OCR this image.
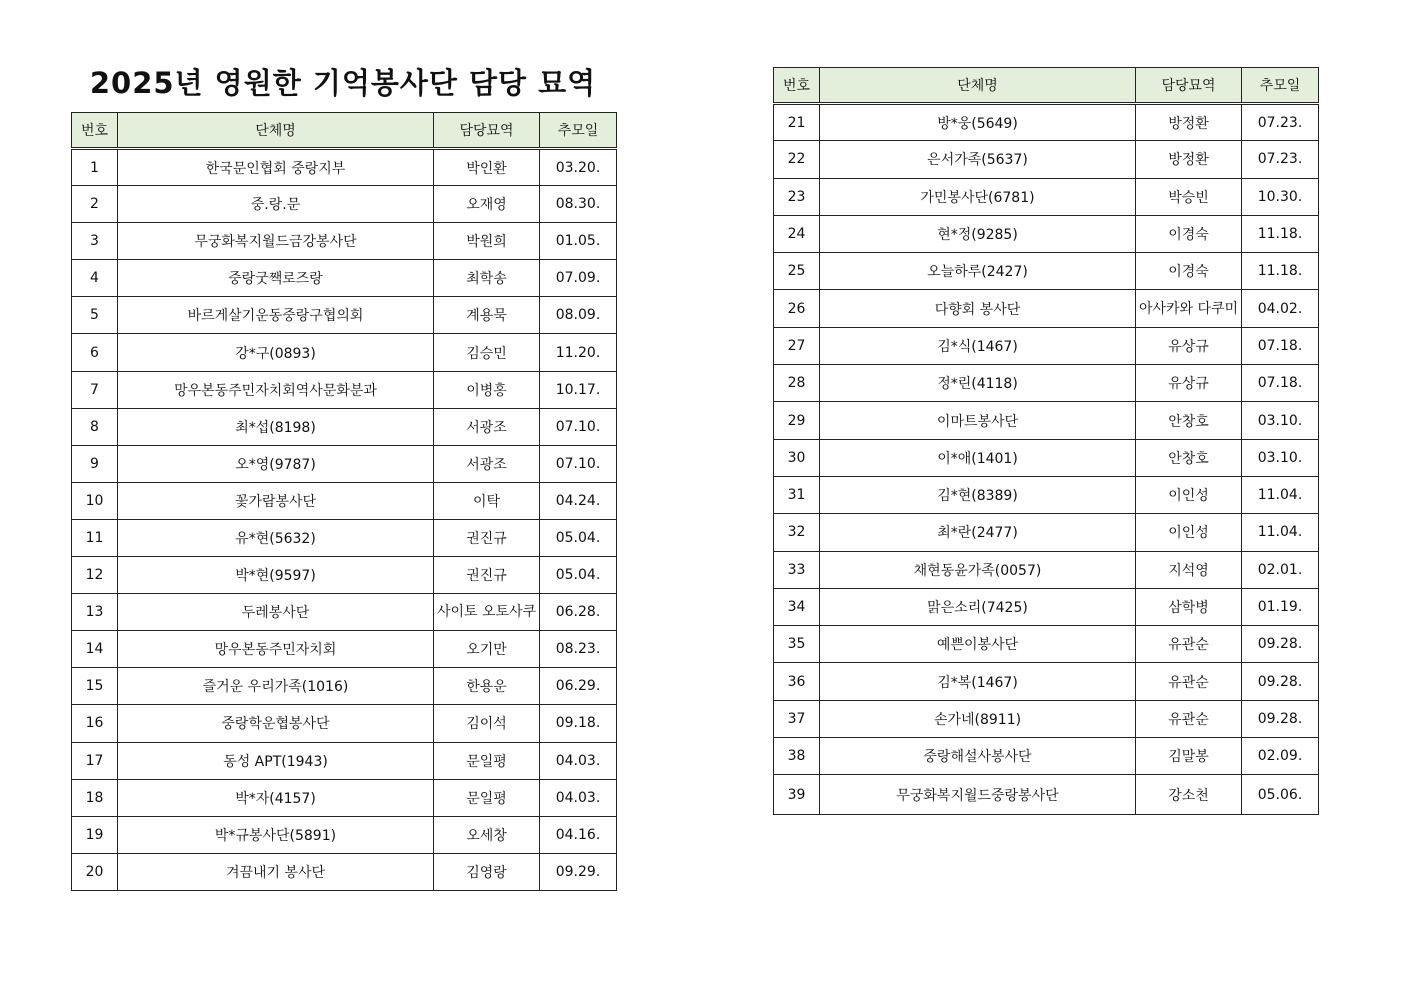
2025년 영원한 기억봉사단 담당 묘역
번호	단체명	담당묘역	추모일
1	한국문인협회 중랑지부	박인환	03.20.
2	중.랑.문	오재영	08.30.
3	무궁화복지월드금강봉사단	박원희	01.05.
4	중랑굿짹로즈랑	최학송	07.09.
5	바르게살기운동중랑구협의회	계용묵	08.09.
6	강*구(0893)	김승민	11.20.
7	망우본동주민자치회역사문화분과	이병홍	10.17.
8	최*섭(8198)	서광조	07.10.
9	오*영(9787)	서광조	07.10.
10	꽃가람봉사단	이탁	04.24.
11	유*현(5632)	권진규	05.04.
12	박*현(9597)	권진규	05.04.
13	두레봉사단	사이토 오토사쿠	06.28.
14	망우본동주민자치회	오기만	08.23.
15	즐거운 우리가족(1016)	한용운	06.29.
16	중랑학운협봉사단	김이석	09.18.
17	동성 APT(1943)	문일평	04.03.
18	박*자(4157)	문일평	04.03.
19	박*규봉사단(5891)	오세창	04.16.
20	겨끔내기 봉사단	김영랑	09.29.
번호	단체명	담당묘역	추모일
21	방*웅(5649)	방정환	07.23.
22	은서가족(5637)	방정환	07.23.
23	가민봉사단(6781)	박승빈	10.30.
24	현*정(9285)	이경숙	11.18.
25	오늘하루(2427)	이경숙	11.18.
26	다향회 봉사단	아사카와 다쿠미	04.02.
27	김*식(1467)	유상규	07.18.
28	정*린(4118)	유상규	07.18.
29	이마트봉사단	안창호	03.10.
30	이*애(1401)	안창호	03.10.
31	김*현(8389)	이인성	11.04.
32	최*란(2477)	이인성	11.04.
33	채현동윤가족(0057)	지석영	02.01.
34	맑은소리(7425)	삼학병	01.19.
35	예쁜이봉사단	유관순	09.28.
36	김*복(1467)	유관순	09.28.
37	손가네(8911)	유관순	09.28.
38	중랑해설사봉사단	김말봉	02.09.
39	무궁화복지월드중랑봉사단	강소천	05.06.
